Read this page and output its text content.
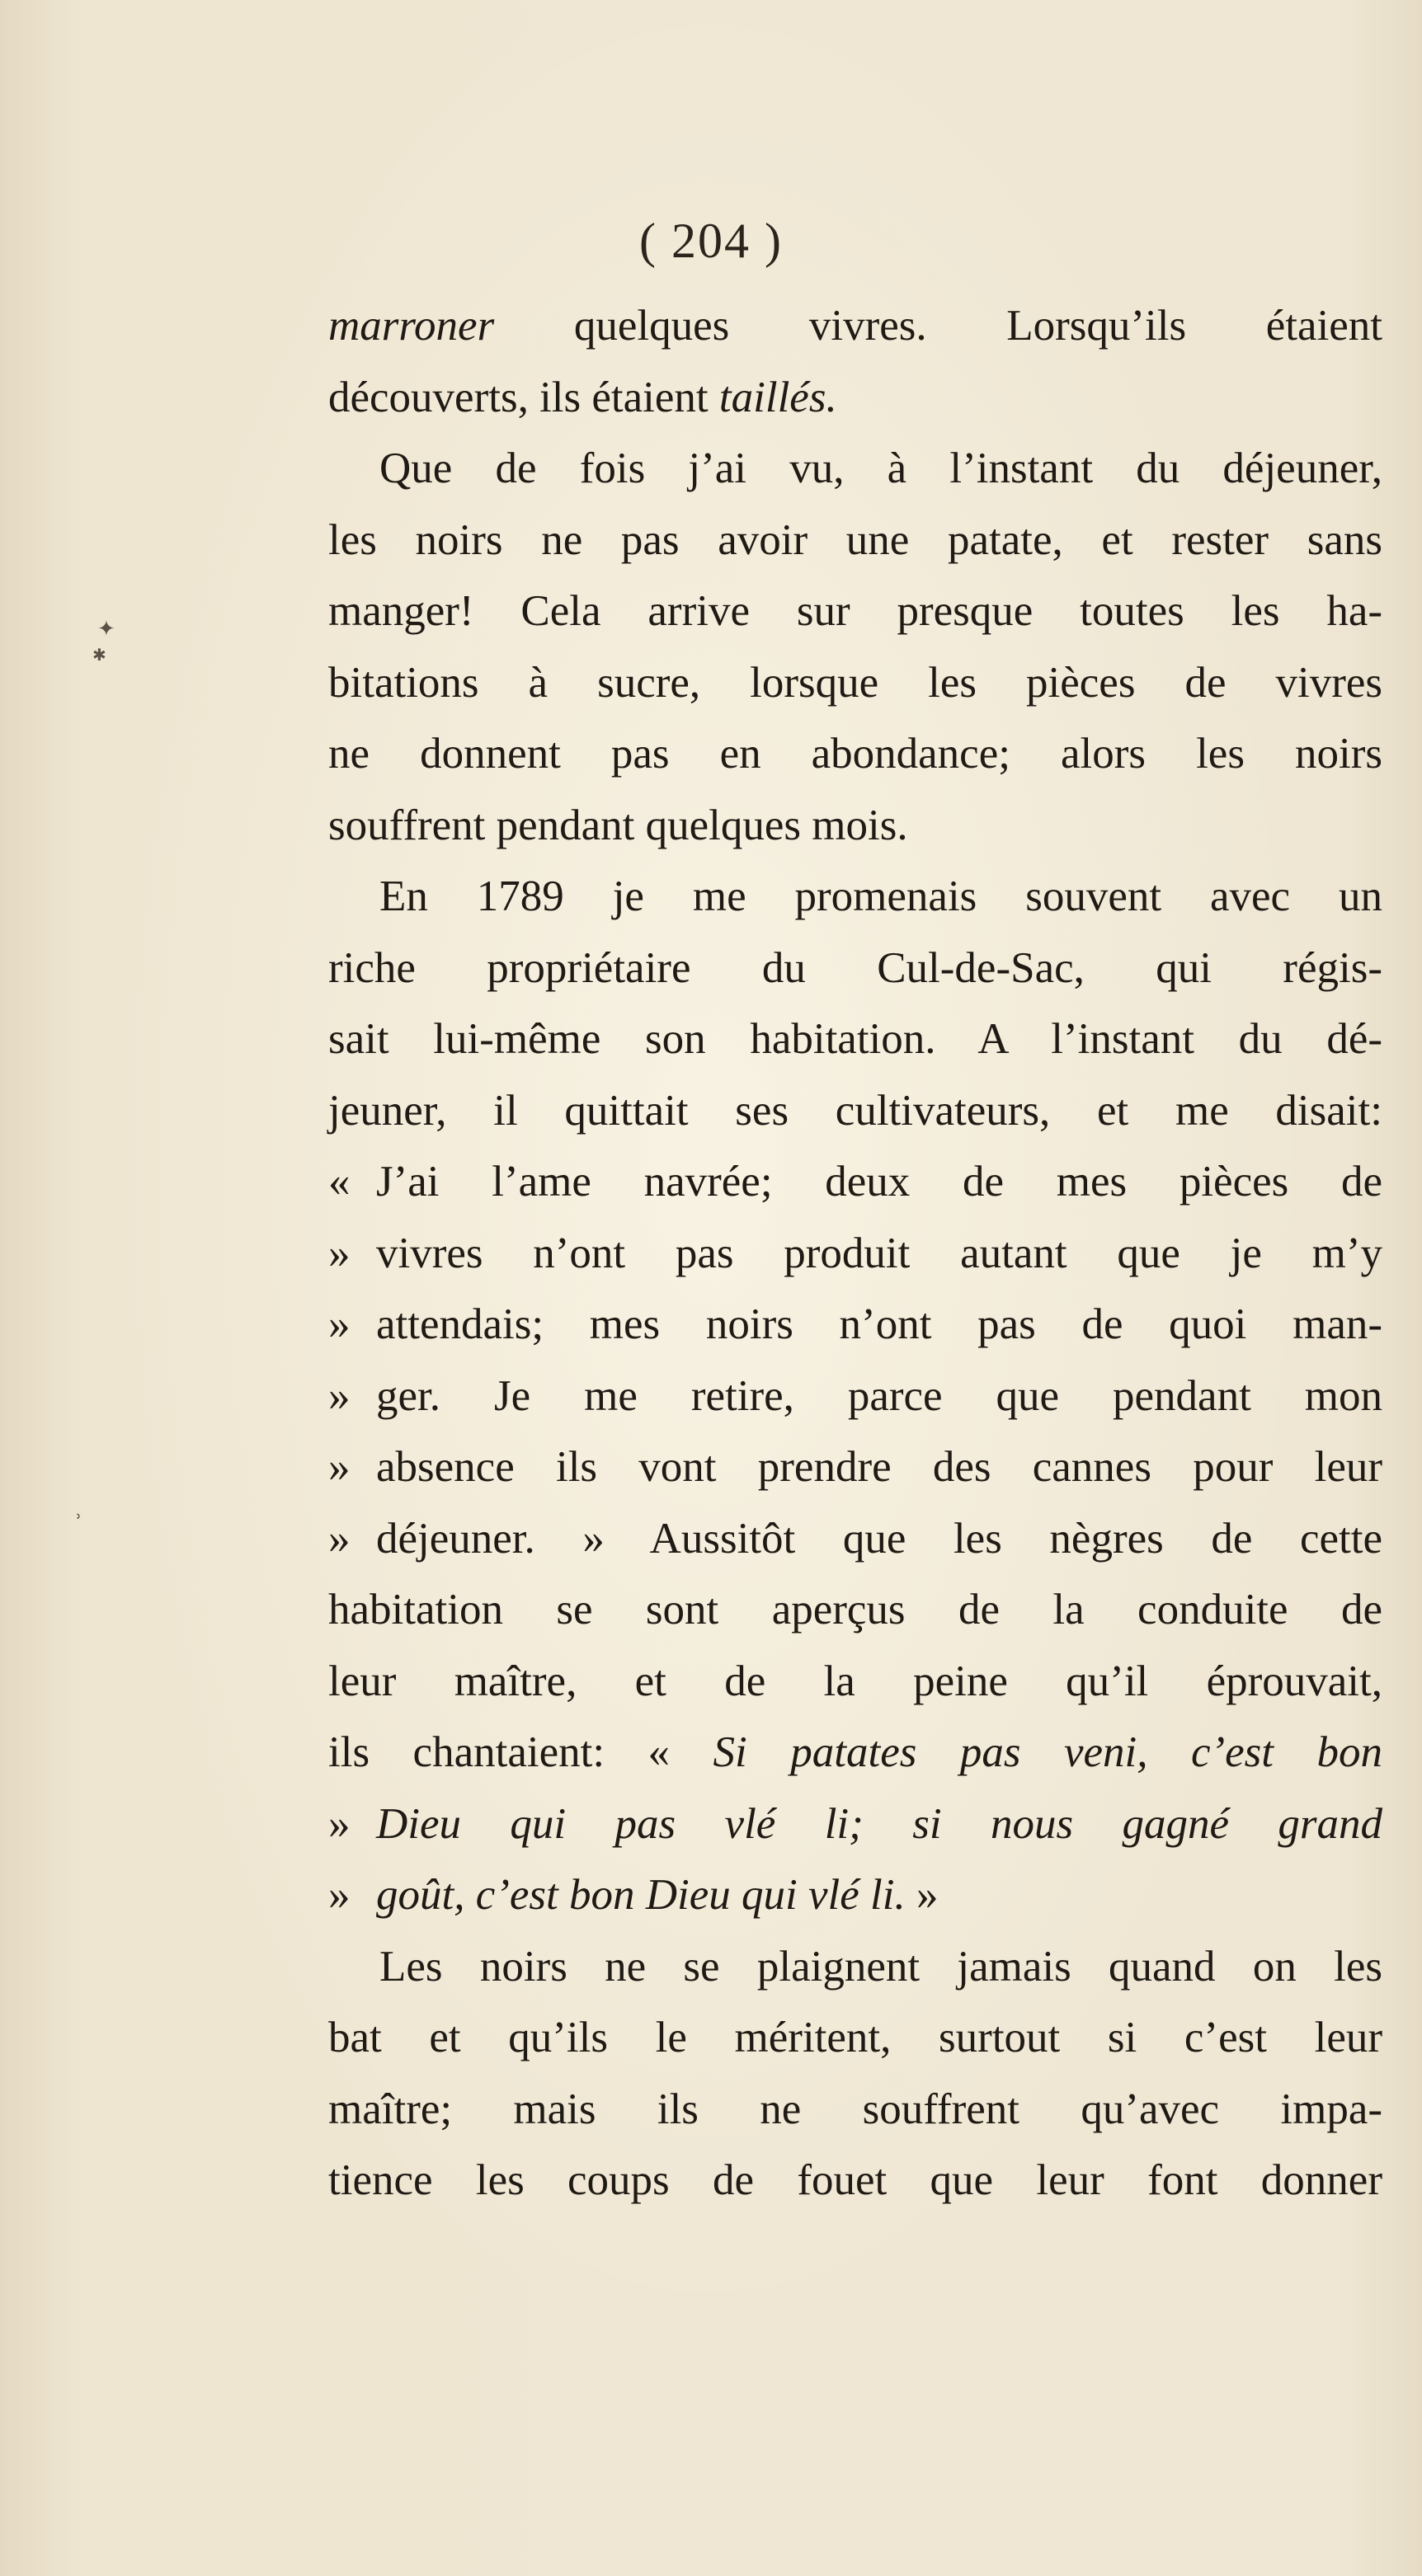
( 204 )
✦
✱
ʾ
marroner quelques vivres. Lorsqu’ils étaient
découverts, ils étaient taillés.
Que de fois j’ai vu, à l’instant du déjeuner,
les noirs ne pas avoir une patate, et rester sans
manger! Cela arrive sur presque toutes les ha-
bitations à sucre, lorsque les pièces de vivres
ne donnent pas en abondance; alors les noirs
souffrent pendant quelques mois.
En 1789 je me promenais souvent avec un
riche propriétaire du Cul-de-Sac, qui régis-
sait lui-même son habitation. A l’instant du dé-
jeuner, il quittait ses cultivateurs, et me disait:
« J’ai l’ame navrée; deux de mes pièces de
» vivres n’ont pas produit autant que je m’y
» attendais; mes noirs n’ont pas de quoi man-
» ger. Je me retire, parce que pendant mon
» absence ils vont prendre des cannes pour leur
» déjeuner. » Aussitôt que les nègres de cette
habitation se sont aperçus de la conduite de
leur maître, et de la peine qu’il éprouvait,
ils chantaient: « Si patates pas veni, c’est bon
» Dieu qui pas vlé li; si nous gagné grand
» goût, c’est bon Dieu qui vlé li. »
Les noirs ne se plaignent jamais quand on les
bat et qu’ils le méritent, surtout si c’est leur
maître; mais ils ne souffrent qu’avec impa-
tience les coups de fouet que leur font donner
